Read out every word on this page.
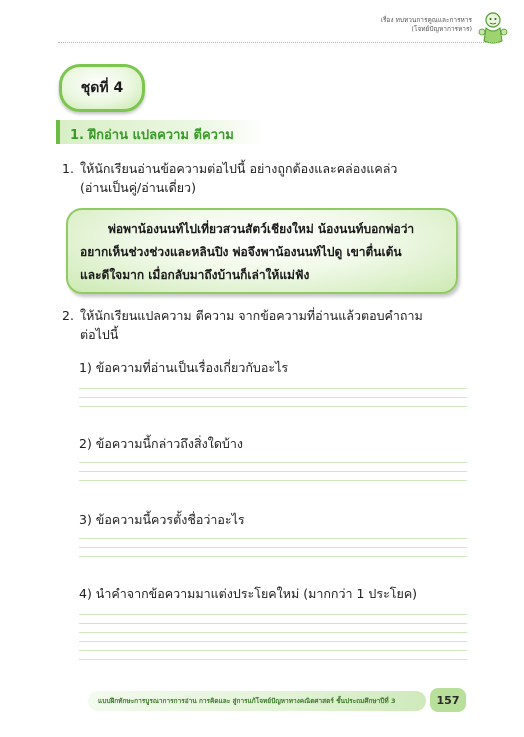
เรื่อง ทบทวนการคูณและการหาร
(โจทย์ปัญหาการหาร)
ชุดที่ 4
1. ฝึกอ่าน แปลความ ตีความ
1. ให้นักเรียนอ่านข้อความต่อไปนี้ อย่างถูกต้องและคล่องแคล่ว
(อ่านเป็นคู่/อ่านเดี่ยว)
พ่อพาน้องนนท์ไปเที่ยวสวนสัตว์เชียงใหม่ น้องนนท์บอกพ่อว่า
อยากเห็นช่วงช่วงและหลินปิง พ่อจึงพาน้องนนท์ไปดู เขาตื่นเต้น
และดีใจมาก เมื่อกลับมาถึงบ้านก็เล่าให้แม่ฟัง
2. ให้นักเรียนแปลความ ตีความ จากข้อความที่อ่านแล้วตอบคำถาม
ต่อไปนี้
1) ข้อความที่อ่านเป็นเรื่องเกี่ยวกับอะไร
2) ข้อความนี้กล่าวถึงสิ่งใดบ้าง
3) ข้อความนี้ควรตั้งชื่อว่าอะไร
4) นำคำจากข้อความมาแต่งประโยคใหม่ (มากกว่า 1 ประโยค)
แบบฝึกทักษะการบูรณาการการอ่าน การคิดและ สู่การแก้โจทย์ปัญหาทางคณิตศาสตร์ ชั้นประถมศึกษาปีที่ 3	157
